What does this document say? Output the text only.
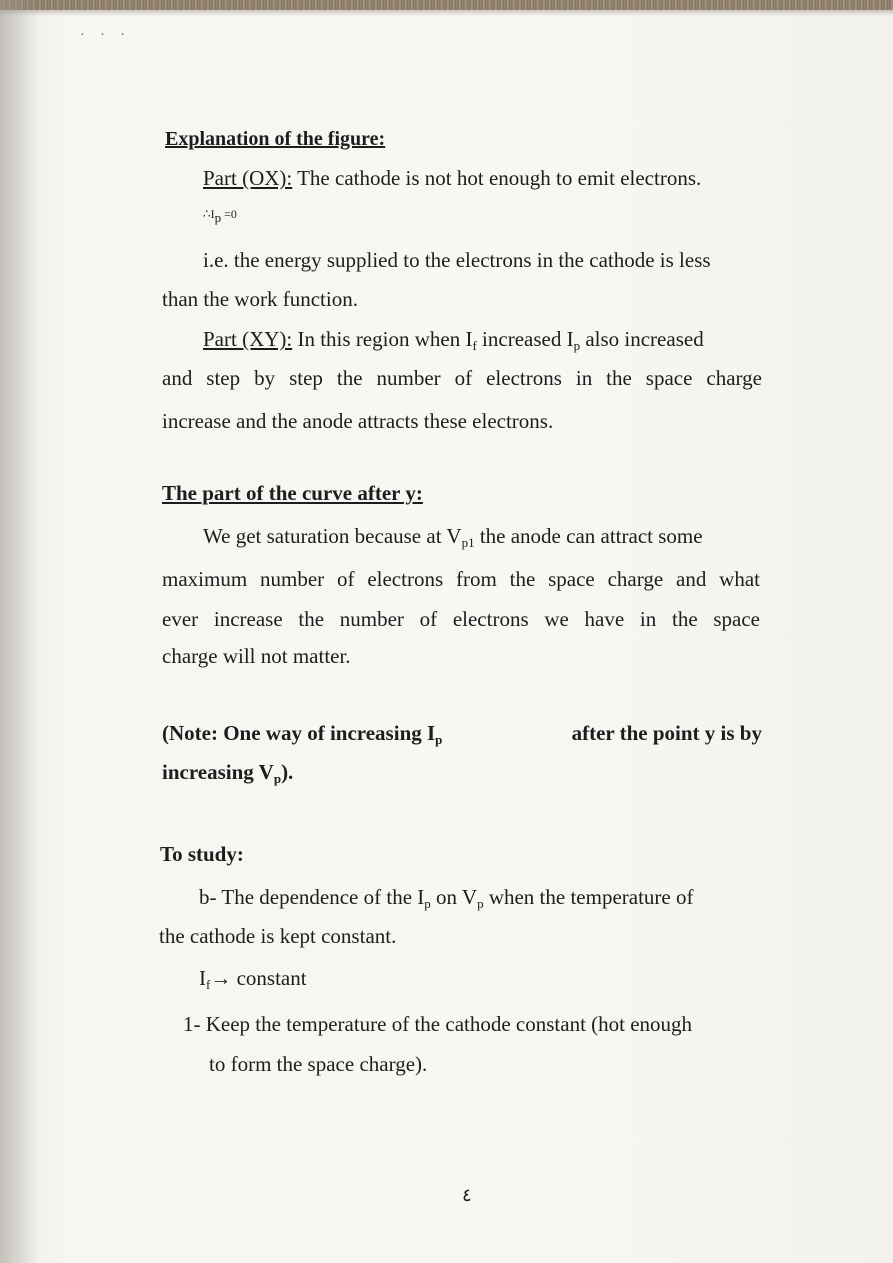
· · ·
Explanation of the figure:
Part (OX): The cathode is not hot enough to emit electrons.
$\therefore I_p =0$
i.e. the energy supplied to the electrons in the cathode is less
than the work function.
Part (XY): In this region when $I_f$ increased $I_p$ also increased
and step by step the number of electrons in the space charge
increase and the anode attracts these electrons.
The part of the curve after y:
We get saturation because at $V_{p1}$ the anode can attract some
maximum number of electrons from the space charge and what
ever increase the number of electrons we have in the space
charge will not matter.
(Note: One way of increasing $I_p$	after the point y is by
increasing $V_p$).
To study:
b- The dependence of the $I_p$ on $V_p$ when the temperature of
the cathode is kept constant.
$I_f\to$ constant
1- Keep the temperature of the cathode constant (hot enough
to form the space charge).
٤
